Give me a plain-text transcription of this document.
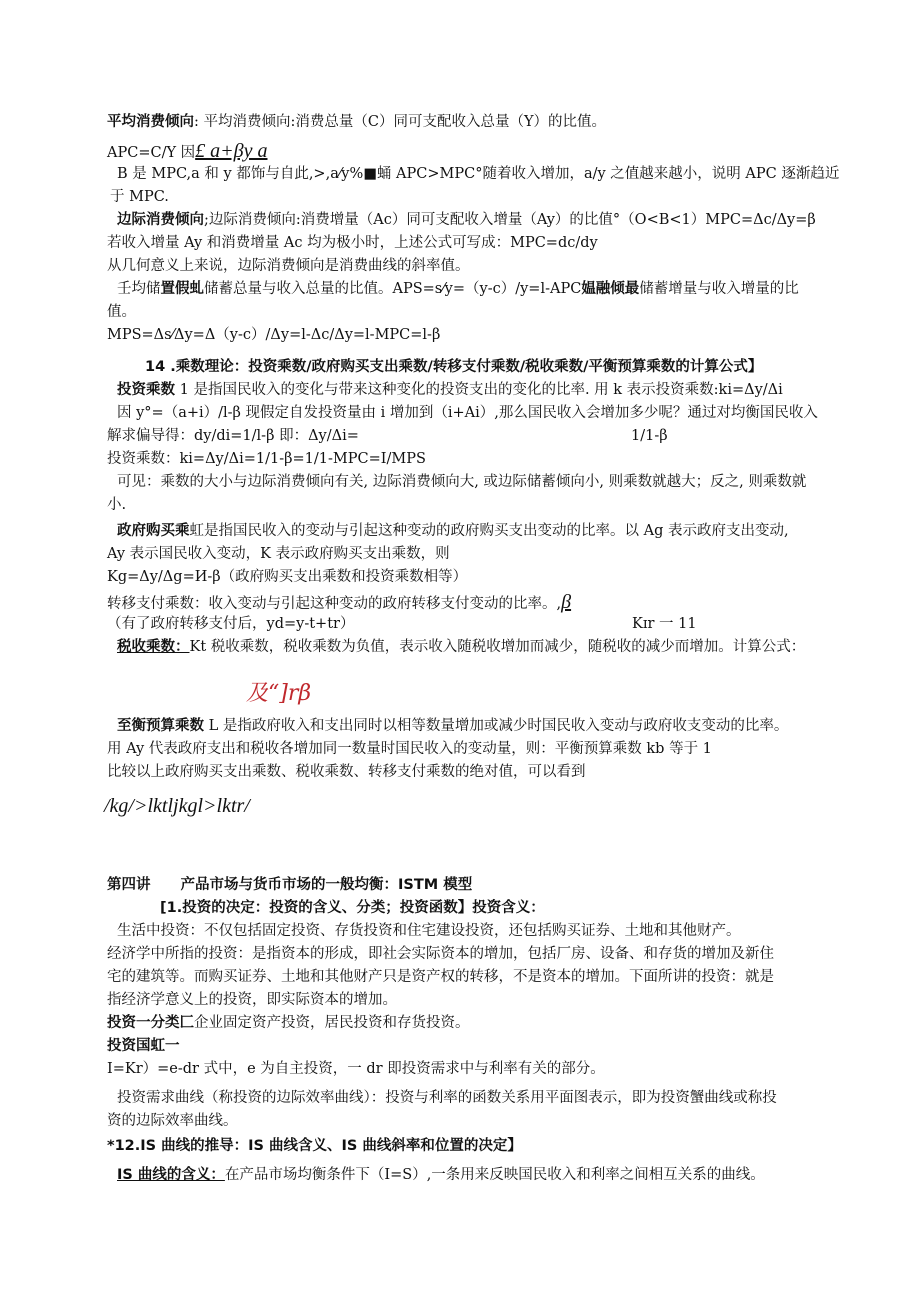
平均消费倾向: 平均消费倾向:消费总量（C）同可支配收入总量（Y）的比值。
APC=C/Y 因£ a+βy a
B 是 MPC,a 和 y 都饰与自此,>,a⁄y%■蛹 APC>MPC°随着收入增加，a/y 之值越来越小，说明 APC 逐渐趋近
于 MPC.
边际消费倾向;边际消费倾向:消费增量（Ac）同可支配收入增量（Ay）的比值°（O<B<1）MPC=Δc/Δy=β
若收入增量 Ay 和消费增量 Ac 均为极小时，上述公式可写成：MPC=dc/dy
从几何意义上来说，边际消费倾向是消费曲线的斜率值。
壬均储置假虬储蓄总量与收入总量的比值。APS=s⁄y=（y-c）/y=l-APC媪融倾最储蓄增量与收入增量的比
值。
MPS=Δs⁄Δy=Δ（y-c）/Δy=l-Δc/Δy=l-MPC=l-β
14 .乘数理论：投资乘数/政府购买支出乘数/转移支付乘数/税收乘数/平衡预算乘数的计算公式】
投资乘数 1 是指国民收入的变化与带来这种变化的投资支出的变化的比率. 用 k 表示投资乘数:ki=Δy/Δi
因 y°=（a+i）/l-β 现假定自发投资量由 i 增加到（i+Ai）,那么国民收入会增加多少呢？通过对均衡国民收入
解求偏导得：dy/di=1/l-β 即：Δy/Δi=	1/1-β
投资乘数：ki=Δy/Δi=1/1-β=1/1-MPC=I/MPS
可见：乘数的大小与边际消费倾向有关, 边际消费倾向大, 或边际储蓄倾向小, 则乘数就越大；反之, 则乘数就
小.
政府购买乘虹是指国民收入的变动与引起这种变动的政府购买支出变动的比率。以 Ag 表示政府支出变动,
Ay 表示国民收入变动，K 表示政府购买支出乘数，则
Kg=Δy/Δg=И-β（政府购买支出乘数和投资乘数相等）
转移支付乘数：收入变动与引起这种变动的政府转移支付变动的比率。,β
（有了政府转移支付后，yd=y-t+tr）	Kɪr 一 11
税收乘数：Kt 税收乘数，税收乘数为负值，表示收入随税收增加而减少，随税收的减少而增加。计算公式：
及“]rβ
至衡预算乘数 L 是指政府收入和支出同时以相等数量增加或减少时国民收入变动与政府收支变动的比率。
用 Ay 代表政府支出和税收各增加同一数量时国民收入的变动量，则：平衡预算乘数 kb 等于 1
比较以上政府购买支出乘数、税收乘数、转移支付乘数的绝对值，可以看到
/kg/>lktljkgl>lktr/
第四讲 产品市场与货币市场的一般均衡：ISTM 模型
[1.投资的决定：投资的含义、分类；投资函数】投资含义：
生活中投资：不仅包括固定投资、存货投资和住宅建设投资，还包括购买证券、土地和其他财产。
经济学中所指的投资：是指资本的形成，即社会实际资本的增加，包括厂房、设备、和存货的增加及新住
宅的建筑等。而购买证券、土地和其他财产只是资产权的转移，不是资本的增加。下面所讲的投资：就是
指经济学意义上的投资，即实际资本的增加。
投资一分类匚企业固定资产投资，居民投资和存货投资。
投资国虹一
I=Kr）=e-dr 式中，e 为自主投资，一 dr 即投资需求中与利率有关的部分。
投资需求曲线（称投资的边际效率曲线）：投资与利率的函数关系用平面图表示，即为投资蟹曲线或称投
资的边际效率曲线。
*12.IS 曲线的推导：IS 曲线含义、IS 曲线斜率和位置的决定】
IS 曲线的含义：在产品市场均衡条件下（I=S）,一条用来反映国民收入和利率之间相互关系的曲线。
